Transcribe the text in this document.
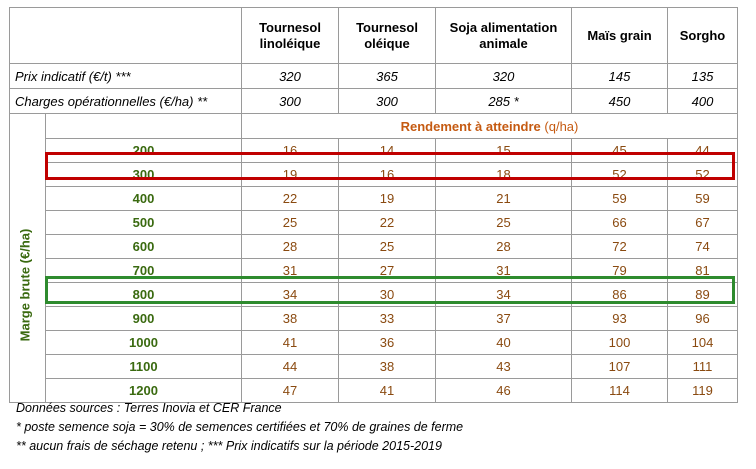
		Tournesol linoléique	Tournesol oléique	Soja alimentation animale	Maïs grain	Sorgho
Prix indicatif (€/t) ***		320	365	320	145	135
Charges opérationnelles (€/ha) **		300	300	285 *	450	400
		Rendement à atteindre (q/ha)				
	200	16	14	15	45	44
	300	19	16	18	52	52
	400	22	19	21	59	59
	500	25	22	25	66	67
	600	28	25	28	72	74
	700	31	27	31	79	81
	800	34	30	34	86	89
	900	38	33	37	93	96
	1000	41	36	40	100	104
	1100	44	38	43	107	111
	1200	47	41	46	114	119
Marge brute (€/ha)
Données sources : Terres Inovia et CER France
* poste semence soja = 30% de semences certifiées et 70% de graines de ferme
** aucun frais de séchage retenu ; *** Prix indicatifs sur la période 2015-2019
